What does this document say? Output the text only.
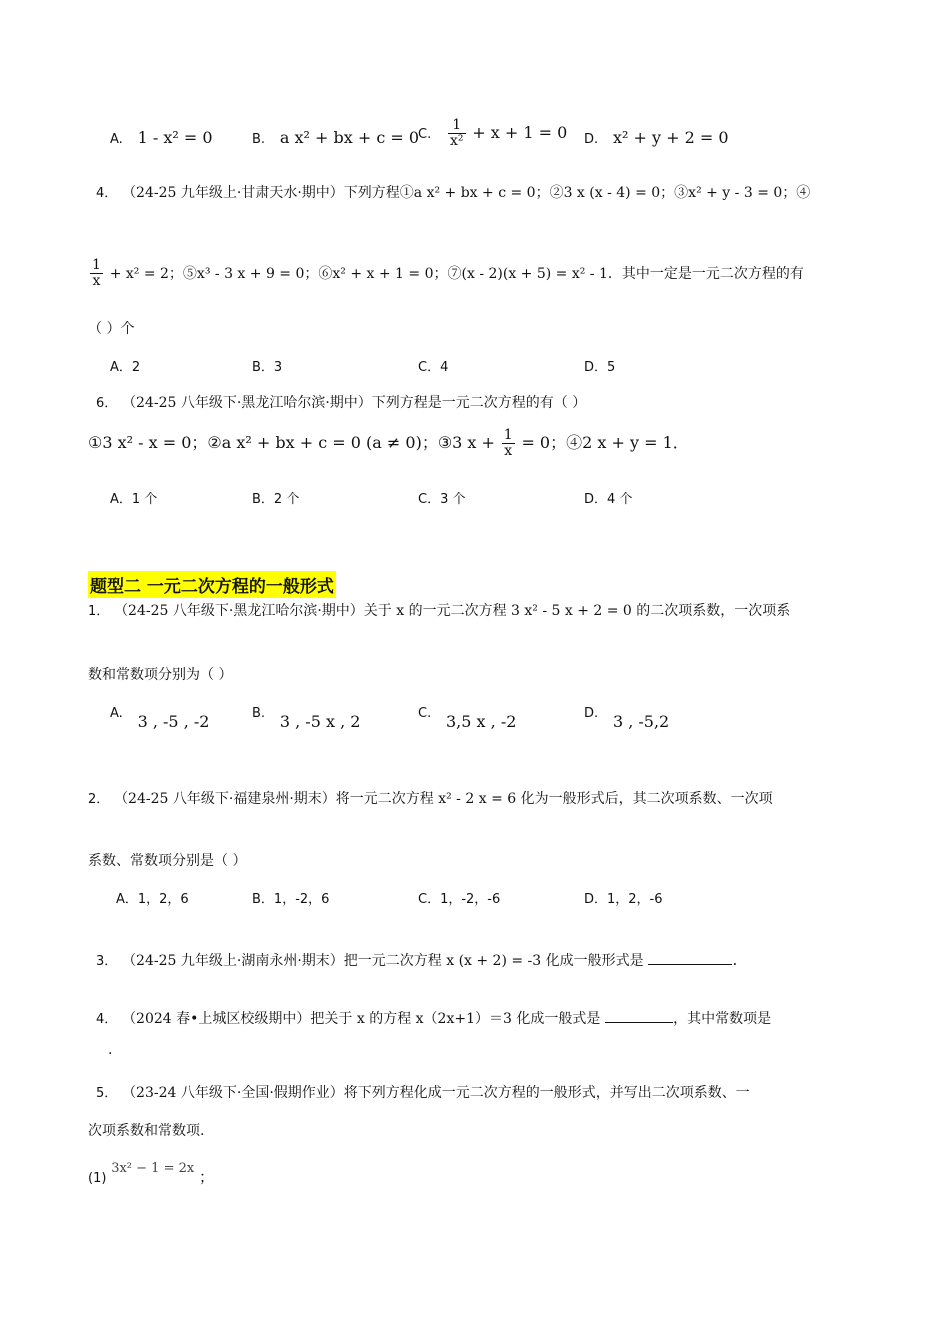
A. 1 - x² = 0	B. a x² + bx + c = 0
C. $\frac{1}{\text{x²}} + x + 1 = 0$ D. x² + y + 2 = 0
4． （24-25 九年级上·甘肃天水·期中）下列方程①a x² + bx + c = 0；②3 x (x - 4) = 0；③x² + y - 3 = 0；④
$\frac{1}{x} + x^2 = 2$；⑤x³ - 3 x + 9 = 0；⑥x² + x + 1 = 0；⑦(x - 2)(x + 5) = x² - 1．其中一定是一元二次方程的有
（ ）个
A．2	B．3	C．4	D．5
6． （24-25 八年级下·黑龙江哈尔滨·期中）下列方程是一元二次方程的有（ ）
①3 x² - x = 0；②a x² + bx + c = 0 (a ≠ 0)；③3 $x + \frac{1}{x} = 0$；④2 x + y = 1．
A．1 个	B．2 个	C．3 个	D．4 个
题型二 一元二次方程的一般形式
1． （24-25 八年级下·黑龙江哈尔滨·期中）关于 x 的一元二次方程 3 x² - 5 x + 2 = 0 的二次项系数，一次项系
数和常数项分别为（ ）
A. 3 , -5 , -2	B. 3 , -5 x , 2	C. 3,5 x , -2	D. 3 , -5,2
2． （24-25 八年级下·福建泉州·期末）将一元二次方程 x² - 2 x = 6 化为一般形式后，其二次项系数、一次项
系数、常数项分别是（ ）
A．1，2，6	B．1，-2，6	C．1，-2，-6	D．1，2，-6
3． （24-25 九年级上·湖南永州·期末）把一元二次方程 x (x + 2) = -3 化成一般形式是	.
4． （2024 春•上城区校级期中）把关于 x 的方程 x（2x+1）＝3 化成一般式是	，其中常数项是
.
5． （23-24 八年级下·全国·假期作业）将下列方程化成一元二次方程的一般形式，并写出二次项系数、一
次项系数和常数项.
(1) 3x² − 1 = 2x ；
